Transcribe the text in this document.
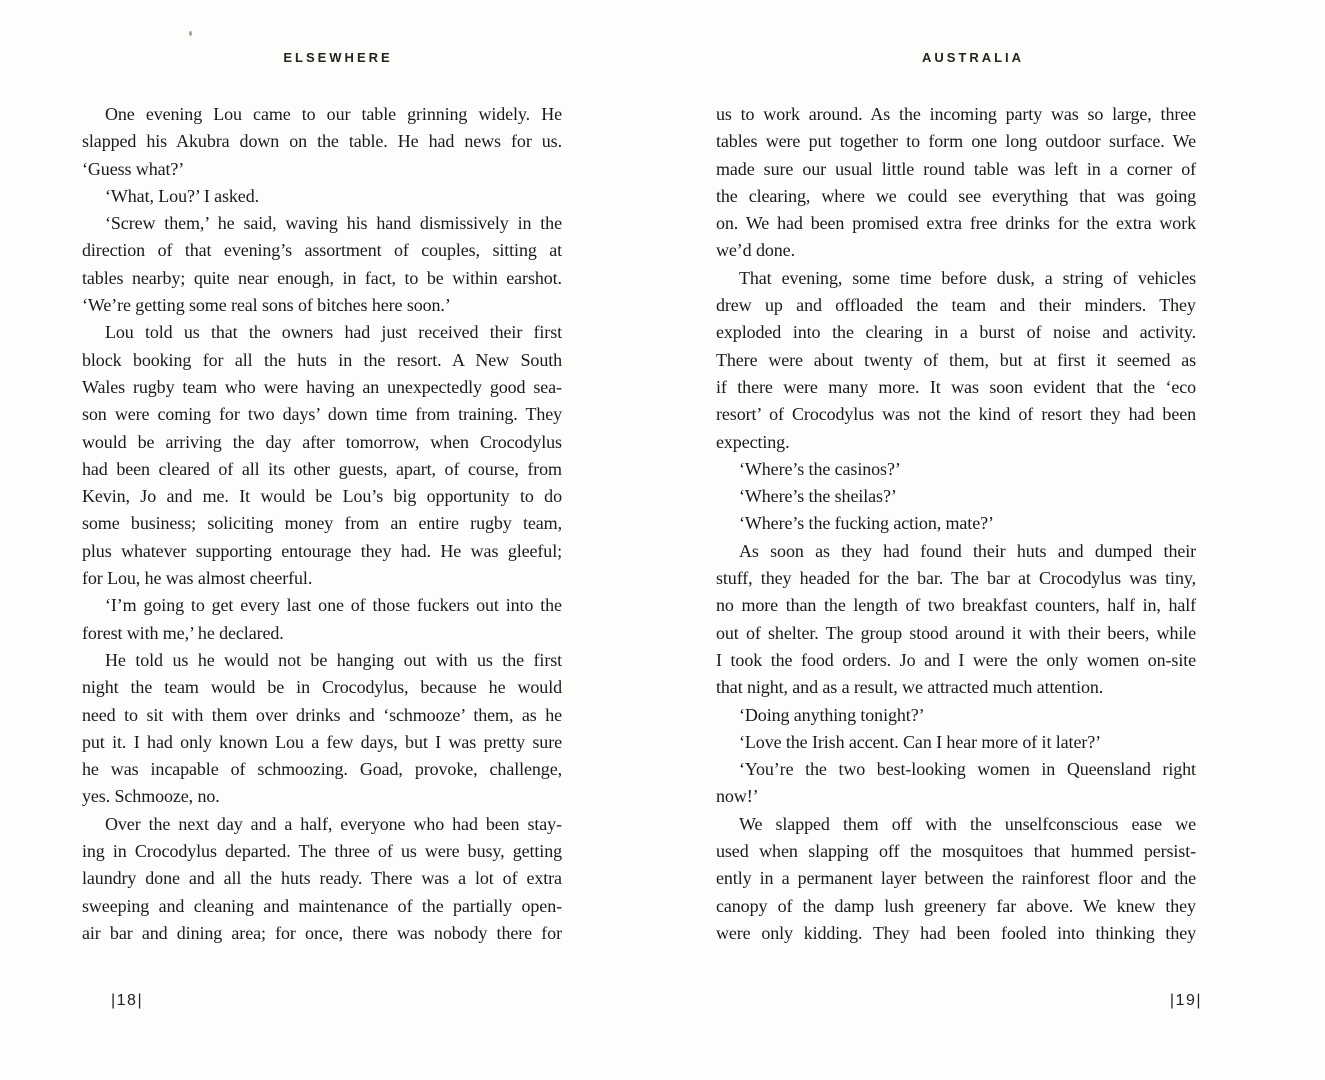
ELSEWHERE
One evening Lou came to our table grinning widely. He
slapped his Akubra down on the table. He had news for us.
‘Guess what?’
‘What, Lou?’ I asked.
‘Screw them,’ he said, waving his hand dismissively in the
direction of that evening’s assortment of couples, sitting at
tables nearby; quite near enough, in fact, to be within earshot.
‘We’re getting some real sons of bitches here soon.’
Lou told us that the owners had just received their first
block booking for all the huts in the resort. A New South
Wales rugby team who were having an unexpectedly good sea-
son were coming for two days’ down time from training. They
would be arriving the day after tomorrow, when Crocodylus
had been cleared of all its other guests, apart, of course, from
Kevin, Jo and me. It would be Lou’s big opportunity to do
some business; soliciting money from an entire rugby team,
plus whatever supporting entourage they had. He was gleeful;
for Lou, he was almost cheerful.
‘I’m going to get every last one of those fuckers out into the
forest with me,’ he declared.
He told us he would not be hanging out with us the first
night the team would be in Crocodylus, because he would
need to sit with them over drinks and ‘schmooze’ them, as he
put it. I had only known Lou a few days, but I was pretty sure
he was incapable of schmoozing. Goad, provoke, challenge,
yes. Schmooze, no.
Over the next day and a half, everyone who had been stay-
ing in Crocodylus departed. The three of us were busy, getting
laundry done and all the huts ready. There was a lot of extra
sweeping and cleaning and maintenance of the partially open-
air bar and dining area; for once, there was nobody there for
|18|
AUSTRALIA
us to work around. As the incoming party was so large, three
tables were put together to form one long outdoor surface. We
made sure our usual little round table was left in a corner of
the clearing, where we could see everything that was going
on. We had been promised extra free drinks for the extra work
we’d done.
That evening, some time before dusk, a string of vehicles
drew up and offloaded the team and their minders. They
exploded into the clearing in a burst of noise and activity.
There were about twenty of them, but at first it seemed as
if there were many more. It was soon evident that the ‘eco
resort’ of Crocodylus was not the kind of resort they had been
expecting.
‘Where’s the casinos?’
‘Where’s the sheilas?’
‘Where’s the fucking action, mate?’
As soon as they had found their huts and dumped their
stuff, they headed for the bar. The bar at Crocodylus was tiny,
no more than the length of two breakfast counters, half in, half
out of shelter. The group stood around it with their beers, while
I took the food orders. Jo and I were the only women on-site
that night, and as a result, we attracted much attention.
‘Doing anything tonight?’
‘Love the Irish accent. Can I hear more of it later?’
‘You’re the two best-looking women in Queensland right
now!’
We slapped them off with the unselfconscious ease we
used when slapping off the mosquitoes that hummed persist-
ently in a permanent layer between the rainforest floor and the
canopy of the damp lush greenery far above. We knew they
were only kidding. They had been fooled into thinking they
|19|
